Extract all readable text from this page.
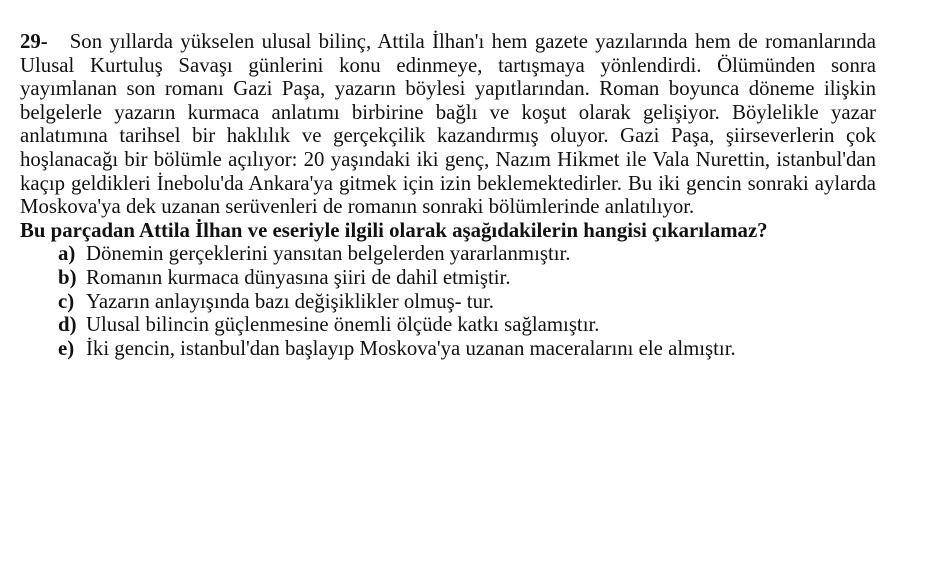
29- Son yıllarda yükselen ulusal bilinç, Attila İlhan'ı hem gazete yazılarında hem de romanlarında Ulusal Kurtuluş Savaşı günlerini konu edinmeye, tartışmaya yönlendirdi. Ölümünden sonra yayımlanan son romanı Gazi Paşa, yazarın böylesi yapıtlarından. Roman boyunca döneme ilişkin belgelerle yazarın kurmaca anlatımı birbirine bağlı ve koşut olarak gelişiyor. Böylelikle yazar anlatımına tarihsel bir haklılık ve gerçekçilik kazandırmış oluyor. Gazi Paşa, şiirseverlerin çok hoşlanacağı bir bölümle açılıyor: 20 yaşındaki iki genç, Nazım Hikmet ile Vala Nurettin, istanbul'dan kaçıp geldikleri İnebolu'da Ankara'ya gitmek için izin beklemektedirler. Bu iki gencin sonraki aylarda Moskova'ya dek uzanan serüvenleri de romanın sonraki bölümlerinde anlatılıyor.

Bu parçadan Attila İlhan ve eseriyle ilgili olarak aşağıdakilerin hangisi çıkarılamaz?

a) Dönemin gerçeklerini yansıtan belgelerden yararlanmıştır.
b) Romanın kurmaca dünyasına şiiri de dahil etmiştir.
c) Yazarın anlayışında bazı değişiklikler olmuş- tur.
d) Ulusal bilincin güçlenmesine önemli ölçüde katkı sağlamıştır.
e) İki gencin, istanbul'dan başlayıp Moskova'ya uzanan maceralarını ele almıştır.
